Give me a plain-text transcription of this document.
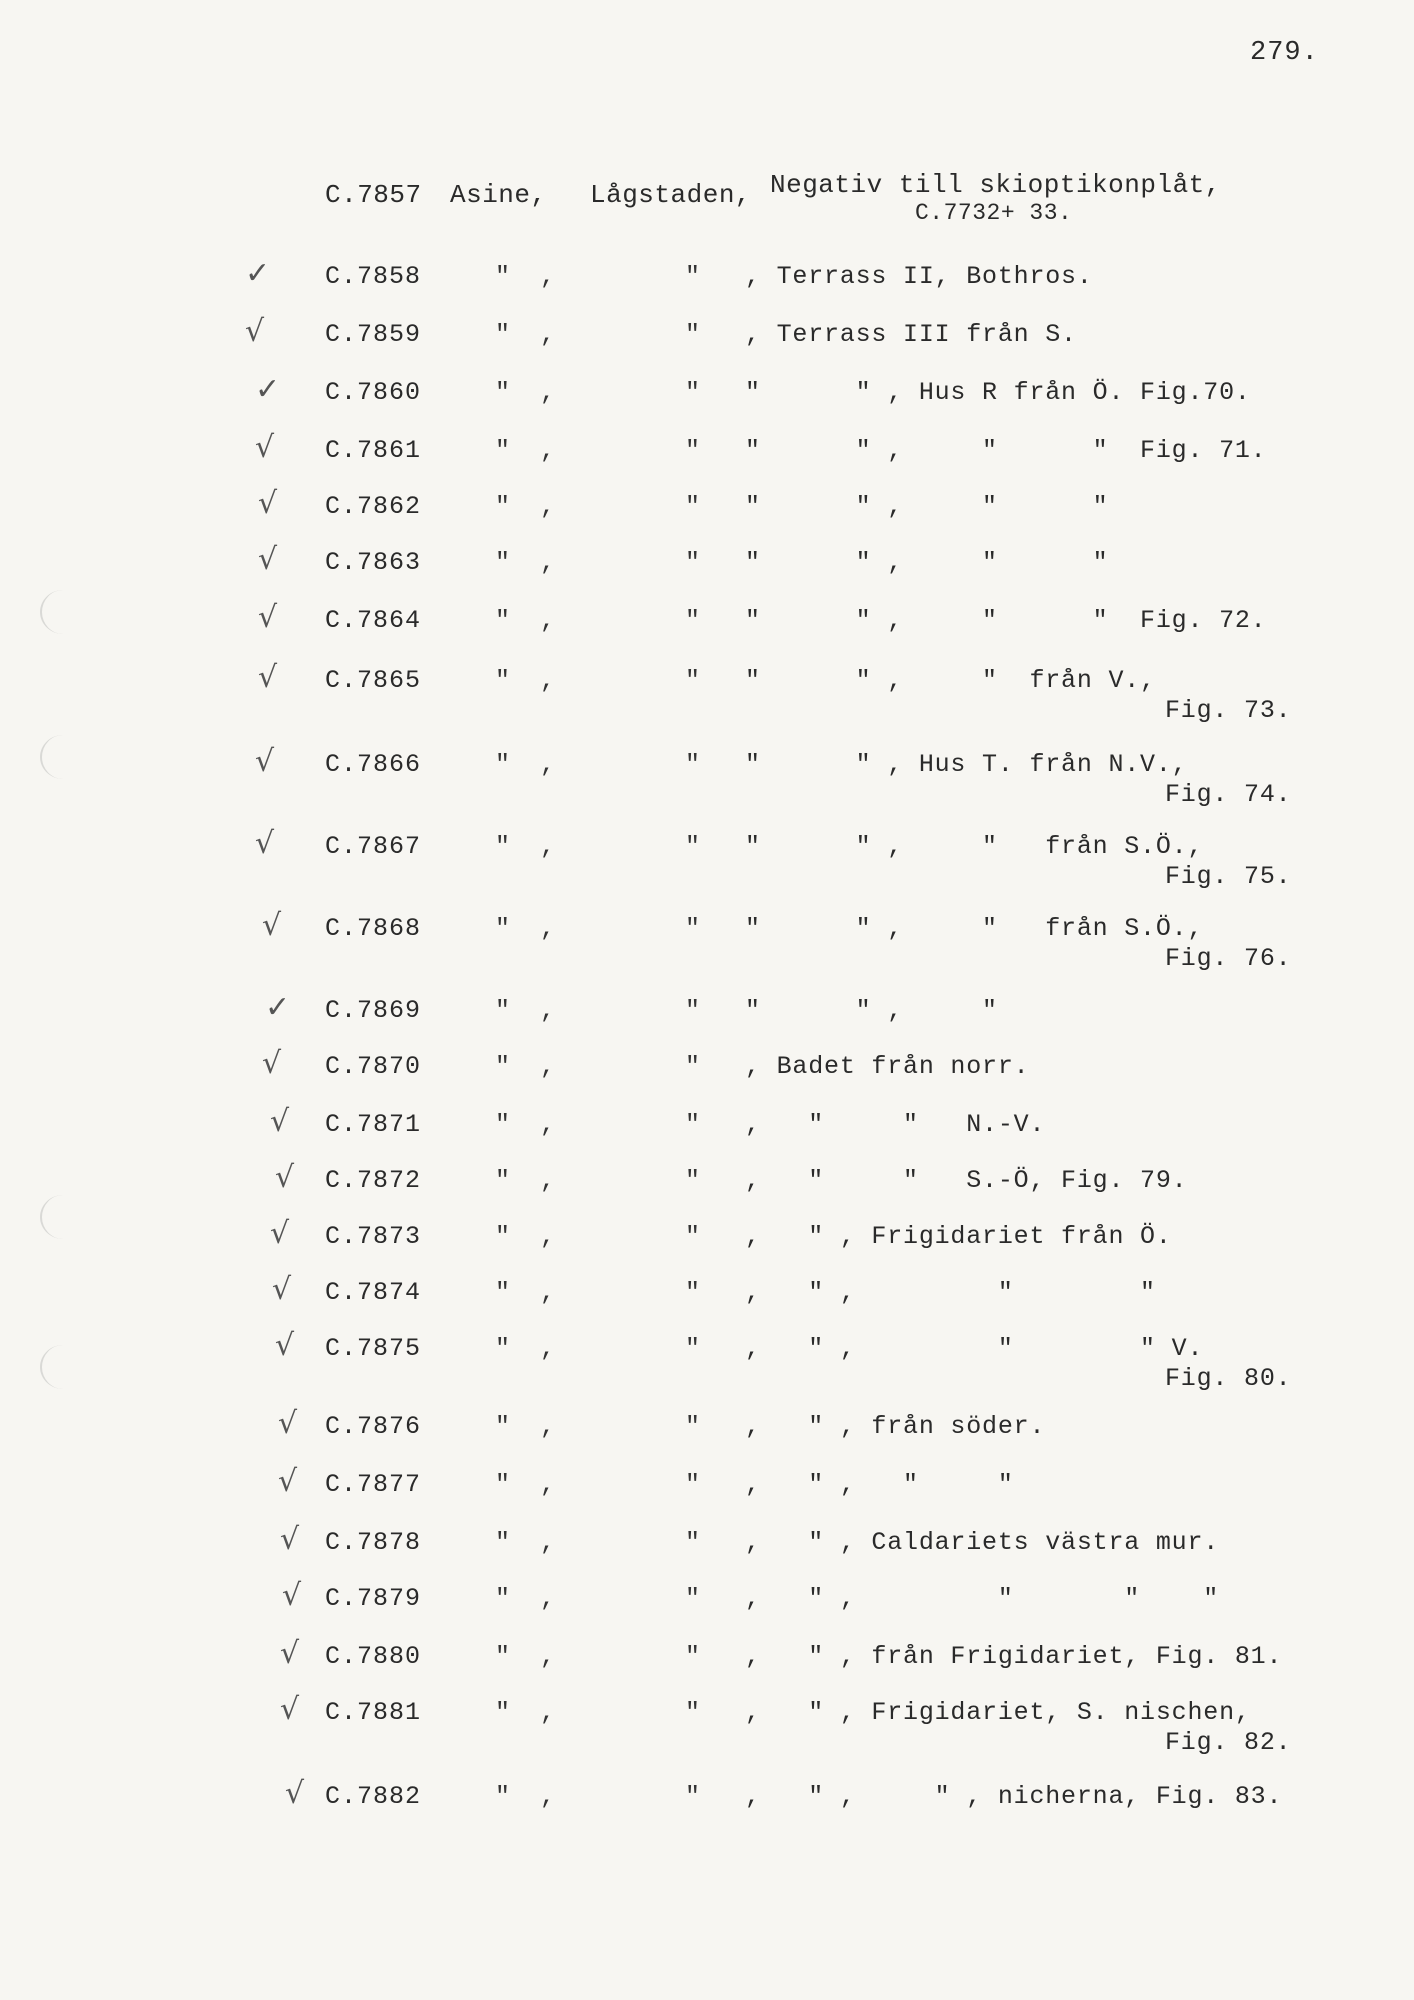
279.
C.7857 Asine, Lågstaden, Negativ till skioptikonplåt,
C.7732+ 33.
✓ C.7858	"  ,	" , Terrass II, Bothros.
√ C.7859	"  ,	" , Terrass III från S.
✓ C.7860	"  ,	" "      " , Hus R från Ö. Fig.70.
√ C.7861	"  ,	" "      " ,     "      "  Fig. 71.
√ C.7862	"  ,	" "      " ,     "      "
√ C.7863	"  ,	" "      " ,     "      "
√ C.7864	"  ,	" "      " ,     "      "  Fig. 72.
√ C.7865	"  ,	" "      " ,     "  från V.,
Fig. 73.
√ C.7866	"  ,	" "      " , Hus T. från N.V.,
Fig. 74.
√ C.7867	"  ,	" "      " ,     "   från S.Ö.,
Fig. 75.
√ C.7868	"  ,	" "      " ,     "   från S.Ö.,
Fig. 76.
✓ C.7869	"  ,	" "      " ,     "
√ C.7870	"  ,	" , Badet från norr.
√ C.7871	"  ,	" ,   "     "   N.-V.
√ C.7872	"  ,	" ,   "     "   S.-Ö, Fig. 79.
√ C.7873	"  ,	" ,   " , Frigidariet från Ö.
√ C.7874	"  ,	" ,   " ,         "        "
√ C.7875	"  ,	" ,   " ,         "        " V.
Fig. 80.
√ C.7876	"  ,	" ,   " , från söder.
√ C.7877	"  ,	" ,   " ,   "     "
√ C.7878	"  ,	" ,   " , Caldariets västra mur.
√ C.7879	"  ,	" ,   " ,         "       "    "
√ C.7880	"  ,	" ,   " , från Frigidariet, Fig. 81.
√ C.7881	"  ,	" ,   " , Frigidariet, S. nischen,
Fig. 82.
√ C.7882	"  ,	" ,   " ,     " , nicherna, Fig. 83.
